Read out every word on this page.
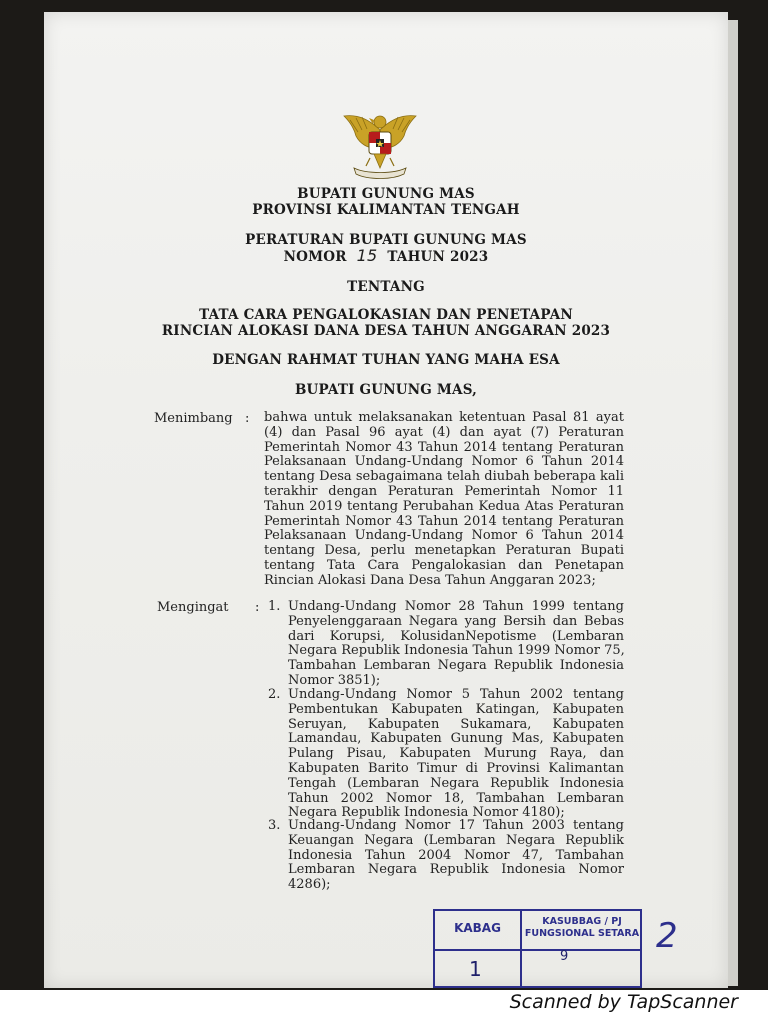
BUPATI GUNUNG MAS
PROVINSI KALIMANTAN TENGAH
PERATURAN BUPATI GUNUNG MAS
NOMOR 15 TAHUN 2023
TENTANG
TATA CARA PENGALOKASIAN DAN PENETAPAN
RINCIAN ALOKASI DANA DESA TAHUN ANGGARAN 2023
DENGAN RAHMAT TUHAN YANG MAHA ESA
BUPATI GUNUNG MAS,
Menimbang : bahwa untuk melaksanakan ketentuan Pasal 81 ayat
(4) dan Pasal 96 ayat (4) dan ayat (7) Peraturan
Pemerintah Nomor 43 Tahun 2014 tentang Peraturan
Pelaksanaan Undang-Undang Nomor 6 Tahun 2014
tentang Desa sebagaimana telah diubah beberapa kali
terakhir dengan Peraturan Pemerintah Nomor 11
Tahun 2019 tentang Perubahan Kedua Atas Peraturan
Pemerintah Nomor 43 Tahun 2014 tentang Peraturan
Pelaksanaan Undang-Undang Nomor 6 Tahun 2014
tentang Desa, perlu menetapkan Peraturan Bupati
tentang Tata Cara Pengalokasian dan Penetapan
Rincian Alokasi Dana Desa Tahun Anggaran 2023;
Mengingat : 1. Undang-Undang Nomor 28 Tahun 1999 tentang
Penyelenggaraan Negara yang Bersih dan Bebas
dari Korupsi, KolusidanNepotisme (Lembaran
Negara Republik Indonesia Tahun 1999 Nomor 75,
Tambahan Lembaran Negara Republik Indonesia
Nomor 3851);
2. Undang-Undang Nomor 5 Tahun 2002 tentang
Pembentukan Kabupaten Katingan, Kabupaten
Seruyan, Kabupaten Sukamara, Kabupaten
Lamandau, Kabupaten Gunung Mas, Kabupaten
Pulang Pisau, Kabupaten Murung Raya, dan
Kabupaten Barito Timur di Provinsi Kalimantan
Tengah (Lembaran Negara Republik Indonesia
Tahun 2002 Nomor 18, Tambahan Lembaran
Negara Republik Indonesia Nomor 4180);
3. Undang-Undang Nomor 17 Tahun 2003 tentang
Keuangan Negara (Lembaran Negara Republik
Indonesia Tahun 2004 Nomor 47, Tambahan
Lembaran Negara Republik Indonesia Nomor
4286);
KABAG	KASUBBAG / PJ
FUNGSIONAL SETARA
1
9
2
Scanned by TapScanner
